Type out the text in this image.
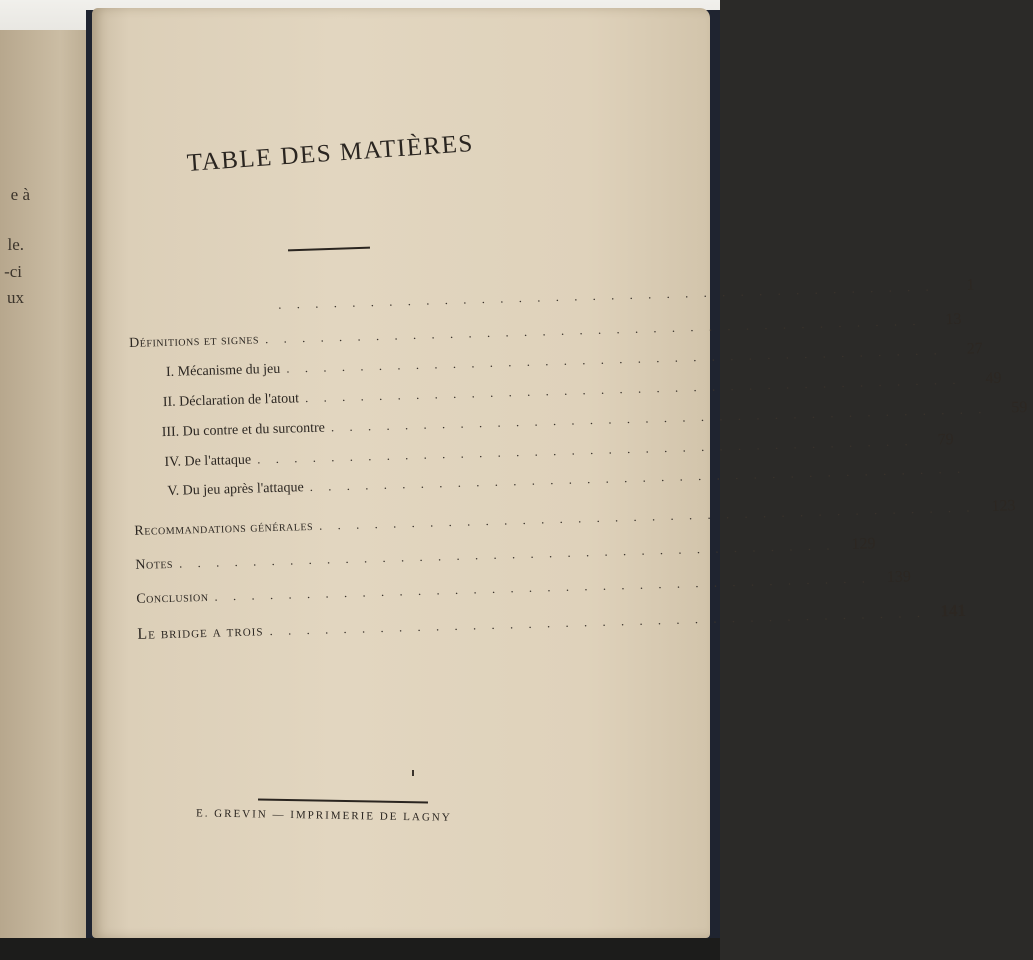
e à
le.
-ci
ux
TABLE DES MATIÈRES
. . . . . . . . . . . . . . . . . . . . . . . . . . . . . . . . . . . .	1
Définitions et signes . . . . . . . . . . . . . . . . . . . . . . . . . . . . . . . . . . . .	13
I. Mécanisme du jeu . . . . . . . . . . . . . . . . . . . . . . . . . . . . . . . . . . . .	27
II. Déclaration de l'atout . . . . . . . . . . . . . . . . . . . . . . . . . . . . . . . . . . . .	49
III. Du contre et du surcontre . . . . . . . . . . . . . . . . . . . . . . . . . . . . . . . . . . . .	59
IV. De l'attaque . . . . . . . . . . . . . . . . . . . . . . . . . . . . . . . . . . . .	79
V. Du jeu après l'attaque . . . . . . . . . . . . . . . . . . . . . . . . . . . . . . . . . . . .
Recommandations générales . . . . . . . . . . . . . . . . . . . . . . . . . . . . . . . . . . . . 123
Notes . . . . . . . . . . . . . . . . . . . . . . . . . . . . . . . . . . . . 129
Conclusion . . . . . . . . . . . . . . . . . . . . . . . . . . . . . . . . . . . . 139
Le bridge a trois . . . . . . . . . . . . . . . . . . . . . . . . . . . . . . . . . . . . 141
E. GREVIN — IMPRIMERIE DE LAGNY
